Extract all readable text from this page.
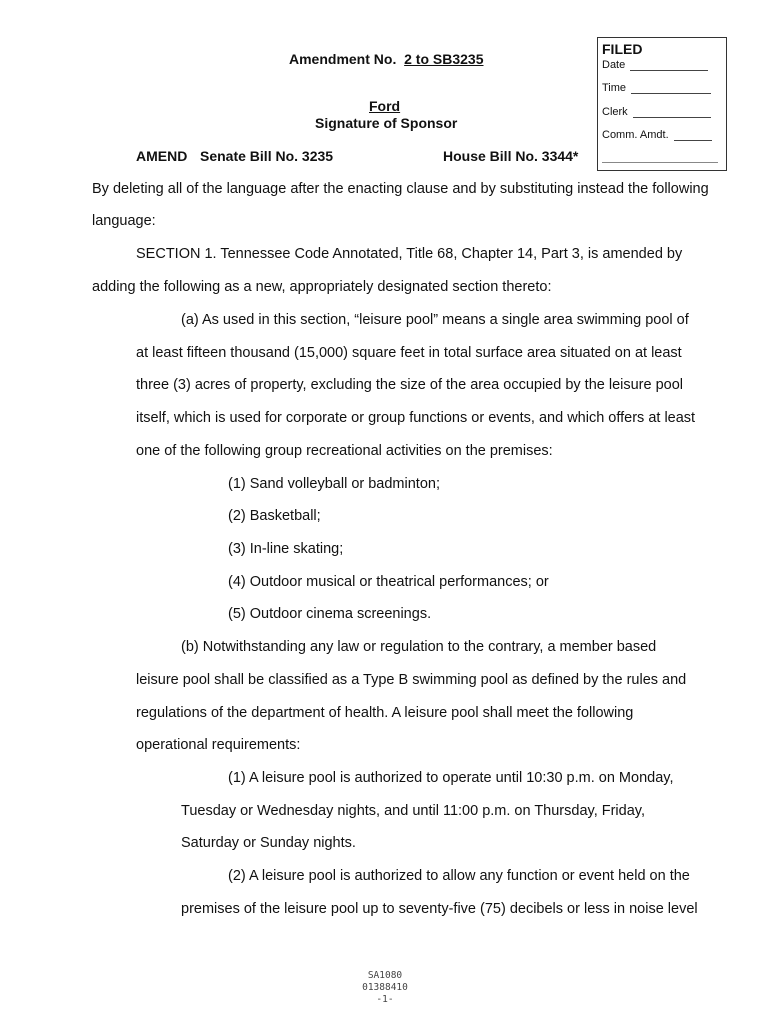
Amendment No. 2 to SB3235
Ford
Signature of Sponsor
AMEND Senate Bill No. 3235	House Bill No. 3344*
FILED
Date
Time
Clerk
Comm. Amdt.
By deleting all of the language after the enacting clause and by substituting instead the following
language:
SECTION 1. Tennessee Code Annotated, Title 68, Chapter 14, Part 3, is amended by
adding the following as a new, appropriately designated section thereto:
(a) As used in this section, “leisure pool” means a single area swimming pool of
at least fifteen thousand (15,000) square feet in total surface area situated on at least
three (3) acres of property, excluding the size of the area occupied by the leisure pool
itself, which is used for corporate or group functions or events, and which offers at least
one of the following group recreational activities on the premises:
(1) Sand volleyball or badminton;
(2) Basketball;
(3) In-line skating;
(4) Outdoor musical or theatrical performances; or
(5) Outdoor cinema screenings.
(b) Notwithstanding any law or regulation to the contrary, a member based
leisure pool shall be classified as a Type B swimming pool as defined by the rules and
regulations of the department of health. A leisure pool shall meet the following
operational requirements:
(1) A leisure pool is authorized to operate until 10:30 p.m. on Monday,
Tuesday or Wednesday nights, and until 11:00 p.m. on Thursday, Friday,
Saturday or Sunday nights.
(2) A leisure pool is authorized to allow any function or event held on the
premises of the leisure pool up to seventy-five (75) decibels or less in noise level
SA1080
01388410
-1-
